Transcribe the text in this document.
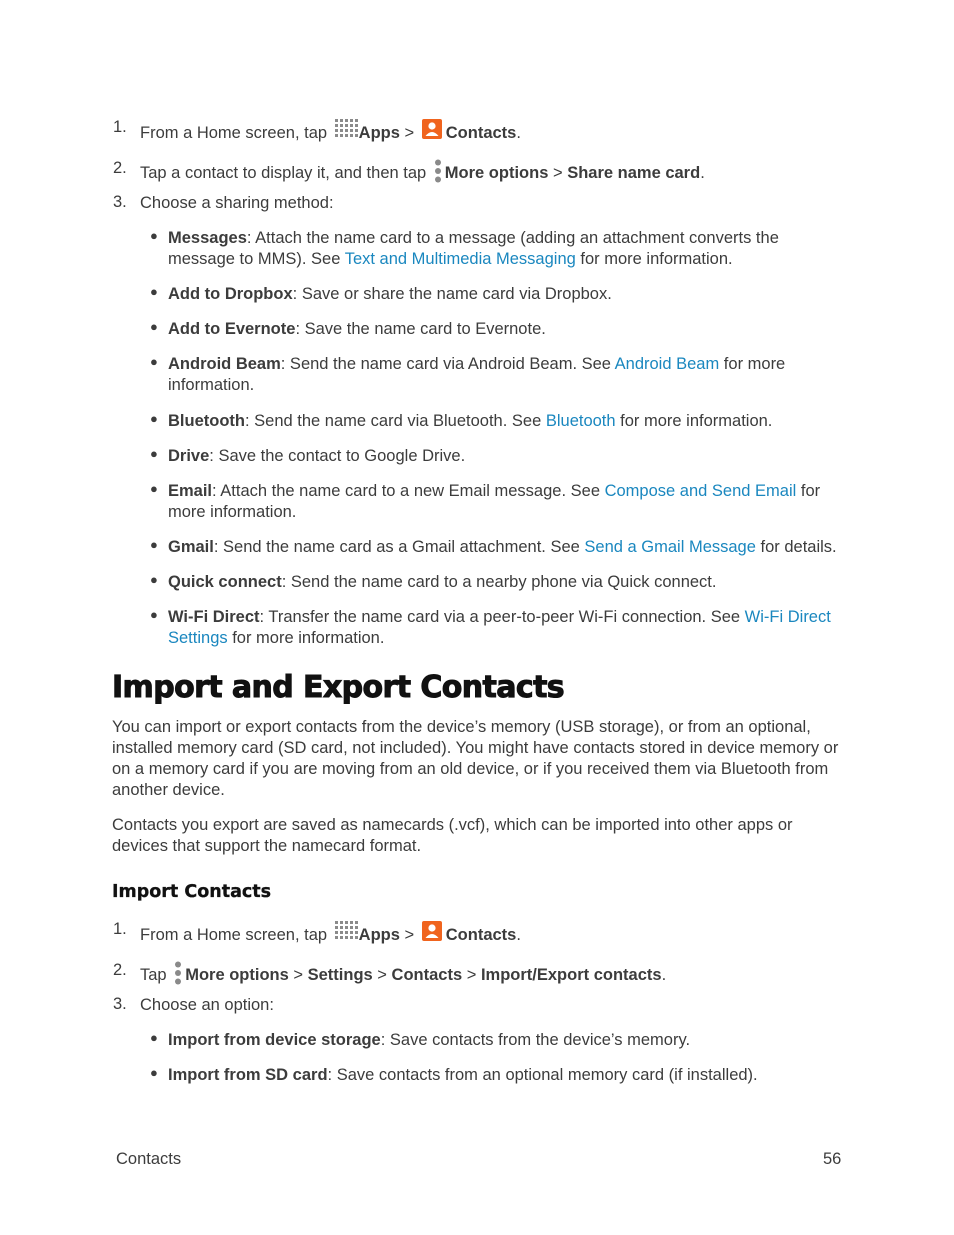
1. From a Home screen, tap Apps > Contacts.
2. Tap a contact to display it, and then tap More options > Share name card.
3. Choose a sharing method:
● Messages: Attach the name card to a message (adding an attachment converts the message to MMS). See Text and Multimedia Messaging for more information.
● Add to Dropbox: Save or share the name card via Dropbox.
● Add to Evernote: Save the name card to Evernote.
● Android Beam: Send the name card via Android Beam. See Android Beam for more information.
● Bluetooth: Send the name card via Bluetooth. See Bluetooth for more information.
● Drive: Save the contact to Google Drive.
● Email: Attach the name card to a new Email message. See Compose and Send Email for more information.
● Gmail: Send the name card as a Gmail attachment. See Send a Gmail Message for details.
● Quick connect: Send the name card to a nearby phone via Quick connect.
● Wi-Fi Direct: Transfer the name card via a peer-to-peer Wi-Fi connection. See Wi-Fi Direct Settings for more information.
Import and Export Contacts
You can import or export contacts from the device’s memory (USB storage), or from an optional, installed memory card (SD card, not included). You might have contacts stored in device memory or on a memory card if you are moving from an old device, or if you received them via Bluetooth from another device.
Contacts you export are saved as namecards (.vcf), which can be imported into other apps or devices that support the namecard format.
Import Contacts
1. From a Home screen, tap Apps > Contacts.
2. Tap More options > Settings > Contacts > Import/Export contacts.
3. Choose an option:
● Import from device storage: Save contacts from the device’s memory.
● Import from SD card: Save contacts from an optional memory card (if installed).
Contacts	56
